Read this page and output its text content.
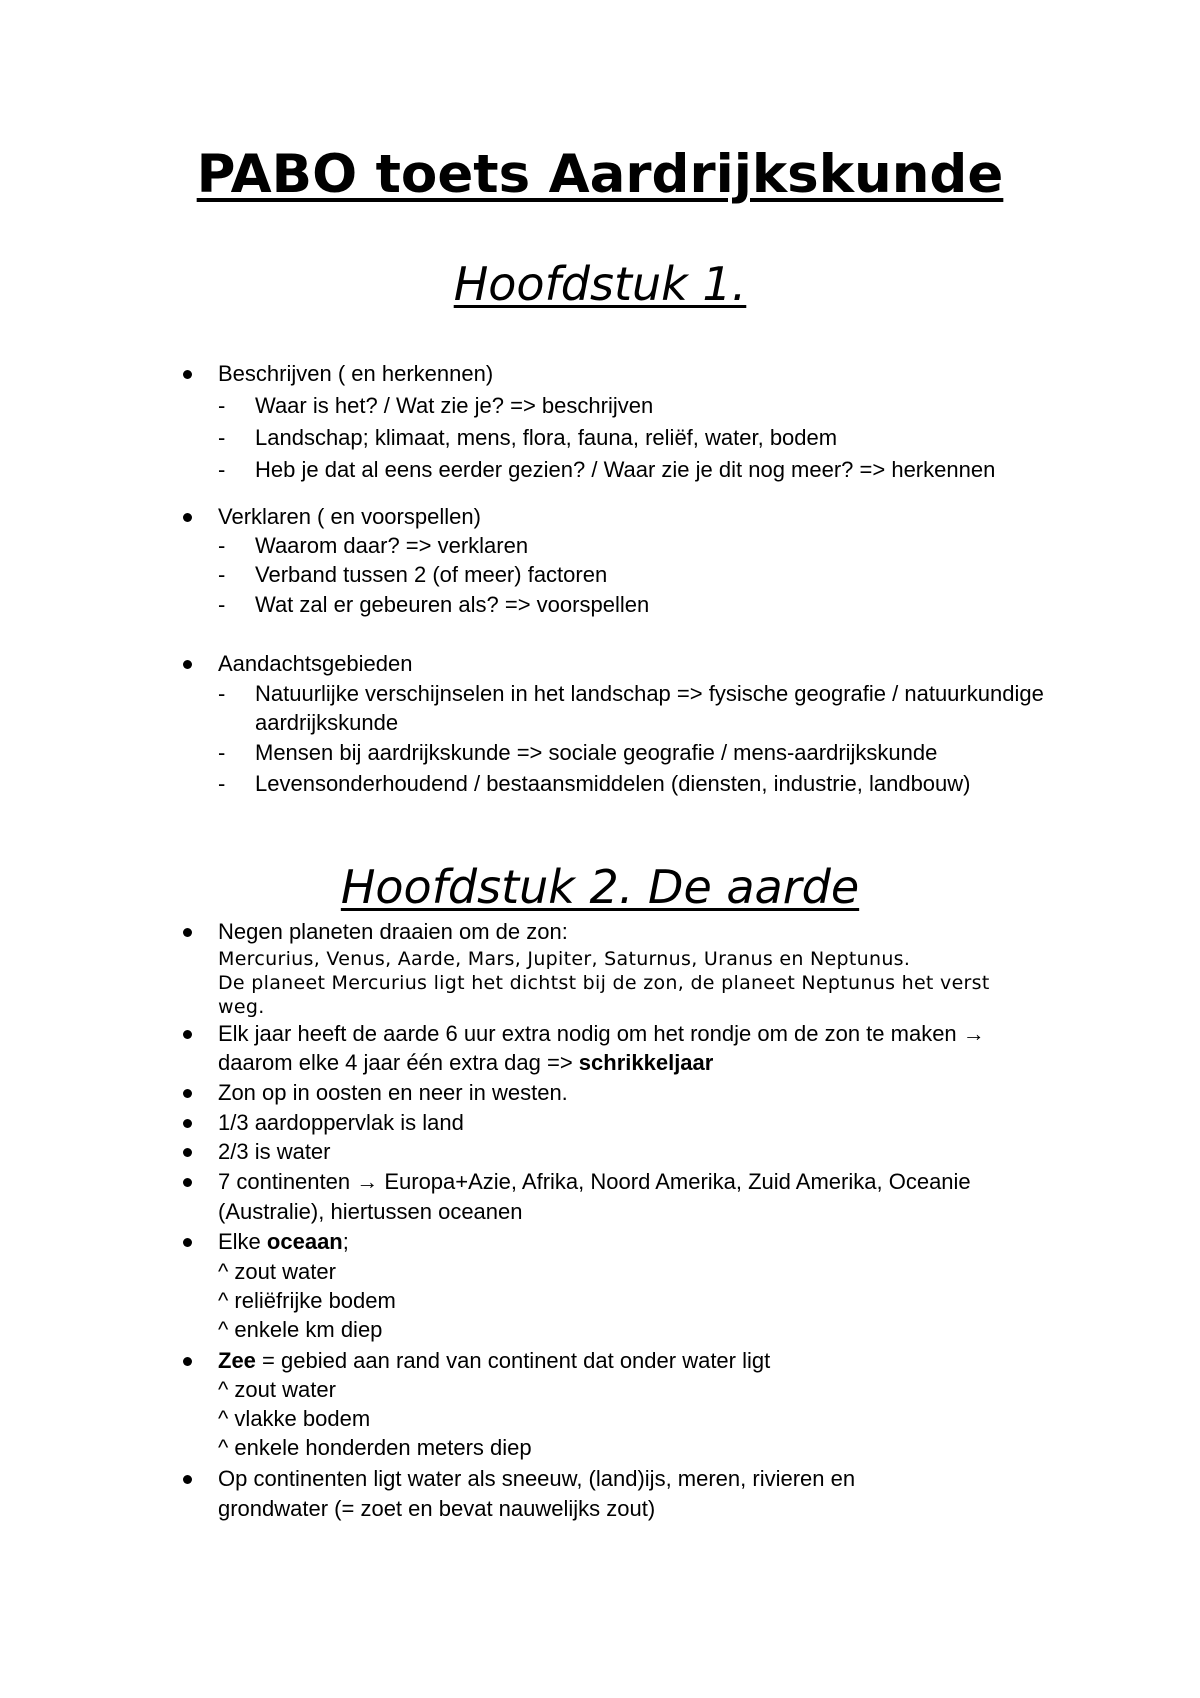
PABO toets Aardrijkskunde
Hoofdstuk 1.
Beschrijven ( en herkennen)
- Waar is het? / Wat zie je? => beschrijven
- Landschap; klimaat, mens, flora, fauna, reliëf, water, bodem
- Heb je dat al eens eerder gezien? / Waar zie je dit nog meer? => herkennen
Verklaren ( en voorspellen)
- Waarom daar? => verklaren
- Verband tussen 2 (of meer) factoren
- Wat zal er gebeuren als? => voorspellen
Aandachtsgebieden
- Natuurlijke verschijnselen in het landschap => fysische geografie / natuurkundige
aardrijkskunde
- Mensen bij aardrijkskunde => sociale geografie / mens-aardrijkskunde
- Levensonderhoudend / bestaansmiddelen (diensten, industrie, landbouw)
Hoofdstuk 2. De aarde
Negen planeten draaien om de zon:
Mercurius, Venus, Aarde, Mars, Jupiter, Saturnus, Uranus en Neptunus.
De planeet Mercurius ligt het dichtst bij de zon, de planeet Neptunus het verst
weg.
Elk jaar heeft de aarde 6 uur extra nodig om het rondje om de zon te maken →
daarom elke 4 jaar één extra dag => schrikkeljaar
Zon op in oosten en neer in westen.
1/3 aardoppervlak is land
2/3 is water
7 continenten → Europa+Azie, Afrika, Noord Amerika, Zuid Amerika, Oceanie
(Australie), hiertussen oceanen
Elke oceaan;
^ zout water
^ reliëfrijke bodem
^ enkele km diep
Zee = gebied aan rand van continent dat onder water ligt
^ zout water
^ vlakke bodem
^ enkele honderden meters diep
Op continenten ligt water als sneeuw, (land)ijs, meren, rivieren en
grondwater (= zoet en bevat nauwelijks zout)
